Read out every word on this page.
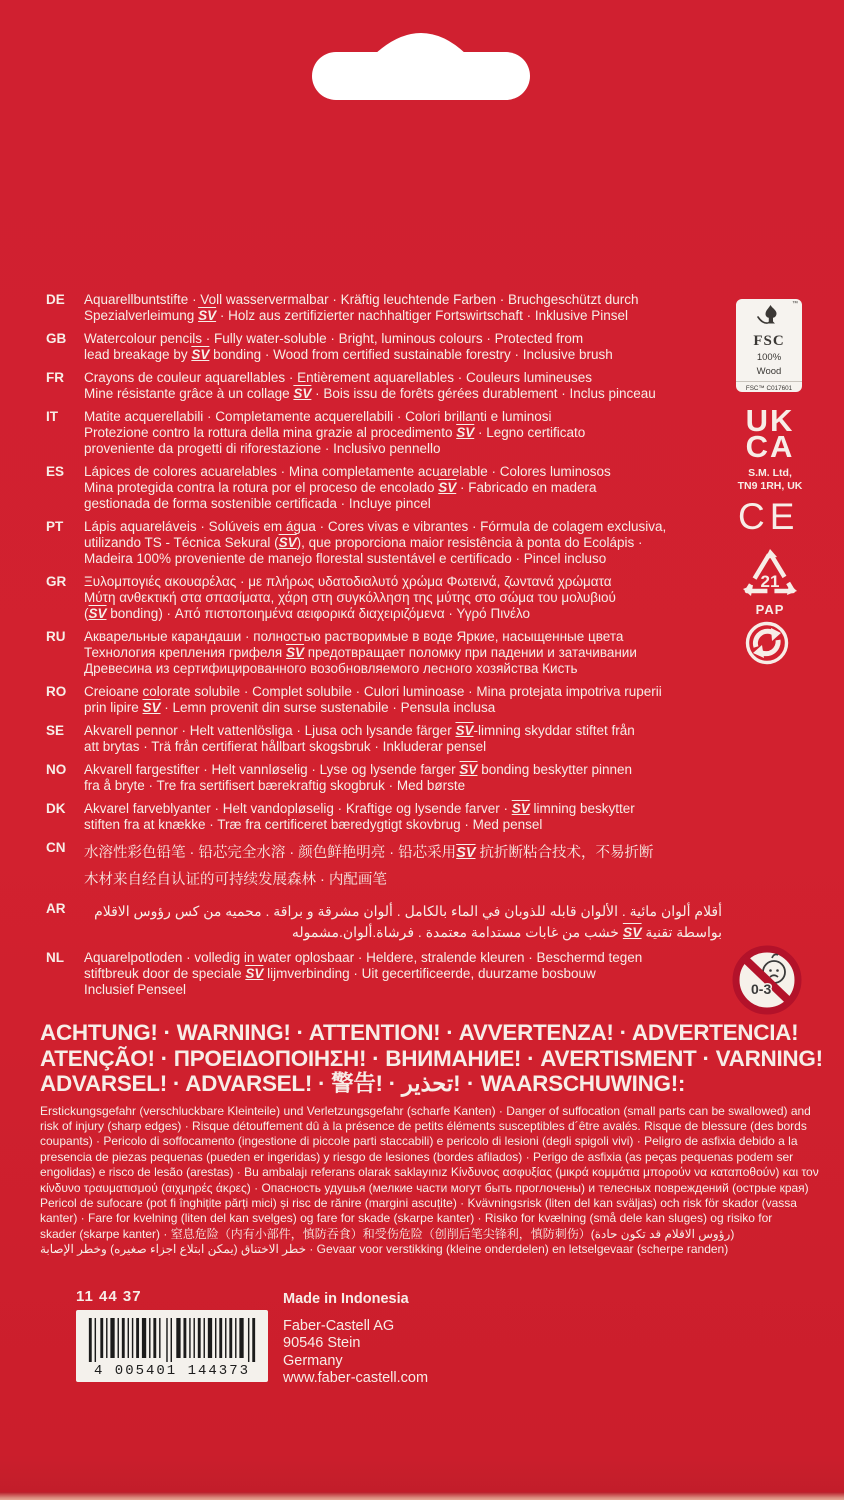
DE	Aquarellbuntstifte · Voll wasservermalbar · Kräftig leuchtende Farben · Bruchgeschützt durch
Spezialverleimung SV · Holz aus zertifizierter nachhaltiger Fortswirtschaft · Inklusive Pinsel
GB	Watercolour pencils · Fully water-soluble · Bright, luminous colours · Protected from
lead breakage by SV bonding · Wood from certified sustainable forestry · Inclusive brush
FR	Crayons de couleur aquarellables · Entièrement aquarellables · Couleurs lumineuses
Mine résistante grâce à un collage SV · Bois issu de forêts gérées durablement · Inclus pinceau
IT	Matite acquerellabili · Completamente acquerellabili · Colori brillanti e luminosi
Protezione contro la rottura della mina grazie al procedimento SV · Legno certificato
proveniente da progetti di riforestazione · Inclusivo pennello
ES	Lápices de colores acuarelables · Mina completamente acuarelable · Colores luminosos
Mina protegida contra la rotura por el proceso de encolado SV · Fabricado en madera
gestionada de forma sostenible certificada · Incluye pincel
PT	Lápis aquareláveis · Solúveis em água · Cores vivas e vibrantes · Fórmula de colagem exclusiva,
utilizando TS - Técnica Sekural (SV), que proporciona maior resistência à ponta do Ecolápis ·
Madeira 100% proveniente de manejo florestal sustentável e certificado · Pincel incluso
GR	Ξυλομπογιές ακουαρέλας · με πλήρως υδατοδιαλυτό χρώμα Φωτεινά, ζωντανά χρώματα
Μύτη ανθεκτική στα σπασίματα, χάρη στη συγκόλληση της μύτης στο σώμα του μολυβιού
(SV bonding) · Από πιστοποιημένα αειφορικά διαχειριζόμενα · Υγρό Πινέλο
RU	Акварельные карандаши · полностью растворимые в воде Яркие, насыщенные цвета
Технология крепления грифеля SV предотвращает поломку при падении и затачивании
Древесина из сертифицированного возобновляемого лесного хозяйства Кисть
RO	Creioane colorate solubile · Complet solubile · Culori luminoase · Mina protejata impotriva ruperii
prin lipire SV · Lemn provenit din surse sustenabile · Pensula inclusa
SE	Akvarell pennor · Helt vattenlösliga · Ljusa och lysande färger SV-limning skyddar stiftet från
att brytas · Trä från certifierat hållbart skogsbruk · Inkluderar pensel
NO	Akvarell fargestifter · Helt vannløselig · Lyse og lysende farger SV bonding beskytter pinnen
fra å bryte · Tre fra sertifisert bærekraftig skogbruk · Med børste
DK	Akvarel farveblyanter · Helt vandopløselig · Kraftige og lysende farver · SV limning beskytter
stiften fra at knække · Træ fra certificeret bæredygtigt skovbrug · Med pensel
CN	水溶性彩色铅笔 · 铅芯完全水溶 · 颜色鲜艳明亮 · 铅芯采用SV 抗折断粘合技术，不易折断
木材来自经自认证的可持续发展森林 · 内配画笔
AR	أقلام ألوان مائية . الألوان قابله للذوبان في الماء بالكامل . ألوان مشرقة و براقة . محميه من كس رؤوس الاقلام
بواسطة تقنية SV خشب من غابات مستدامة معتمدة . فرشاة.ألوان.مشموله
NL	Aquarelpotloden · volledig in water oplosbaar · Heldere, stralende kleuren · Beschermd tegen
stiftbreuk door de speciale SV lijmverbinding · Uit gecertificeerde, duurzame bosbouw
Inclusief Penseel
™
FSC
100%
Wood
FSC™ C017601
UK
CA
S.M. Ltd,
TN9 1RH, UK
CE
21
PAP
0-3
ACHTUNG! · WARNING! · ATTENTION! · AVVERTENZA! · ADVERTENCIA!
ATENÇÃO! · ΠΡΟΕΙΔΟΠΟΙΗΣΗ! · ВНИМАНИЕ! · AVERTISMENT · VARNING!
ADVARSEL! · ADVARSEL! · 警告! · تحذير! · WAARSCHUWING!:
Erstickungsgefahr (verschluckbare Kleinteile) und Verletzungsgefahr (scharfe Kanten) · Danger of suffocation (small parts can be swallowed) and
risk of injury (sharp edges) · Risque détouffement dû à la présence de petits éléments susceptibles d´être avalés. Risque de blessure (des bords
coupants) · Pericolo di soffocamento (ingestione di piccole parti staccabili) e pericolo di lesioni (degli spigoli vivi) · Peligro de asfixia debido a la
presencia de piezas pequenas (pueden er ingeridas) y riesgo de lesiones (bordes afilados) · Perigo de asfixia (as peças pequenas podem ser
engolidas) e risco de lesão (arestas) · Bu ambalajı referans olarak saklayınız Κίνδυνος ασφυξίας (μικρά κομμάτια μπορούν να καταποθούν) και τον
κίνδυνο τραυματισμού (αιχμηρές άκρες) · Опасность удушья (мелкие части могут быть проглочены) и телесных повреждений (острые края)
Pericol de sufocare (pot fi înghițite părți mici) și risc de rănire (margini ascuțite) · Kvävningsrisk (liten del kan sväljas) och risk för skador (vassa
kanter) · Fare for kvelning (liten del kan svelges) og fare for skade (skarpe kanter) · Risiko for kvælning (små dele kan sluges) og risiko for
skader (skarpe kanter) · 窒息危险（内有小部件，慎防吞食）和受伤危险（创削后笔尖锋利，慎防刺伤）(رؤوس الاقلام قد تكون حادة)
خطر الاختناق (يمكن ابتلاع اجزاء صغيره) وخطر الإصابة · Gevaar voor verstikking (kleine onderdelen) en letselgevaar (scherpe randen)
11 44 37
4 005401 144373
Made in Indonesia
Faber-Castell AG
90546 Stein
Germany
www.faber-castell.com
